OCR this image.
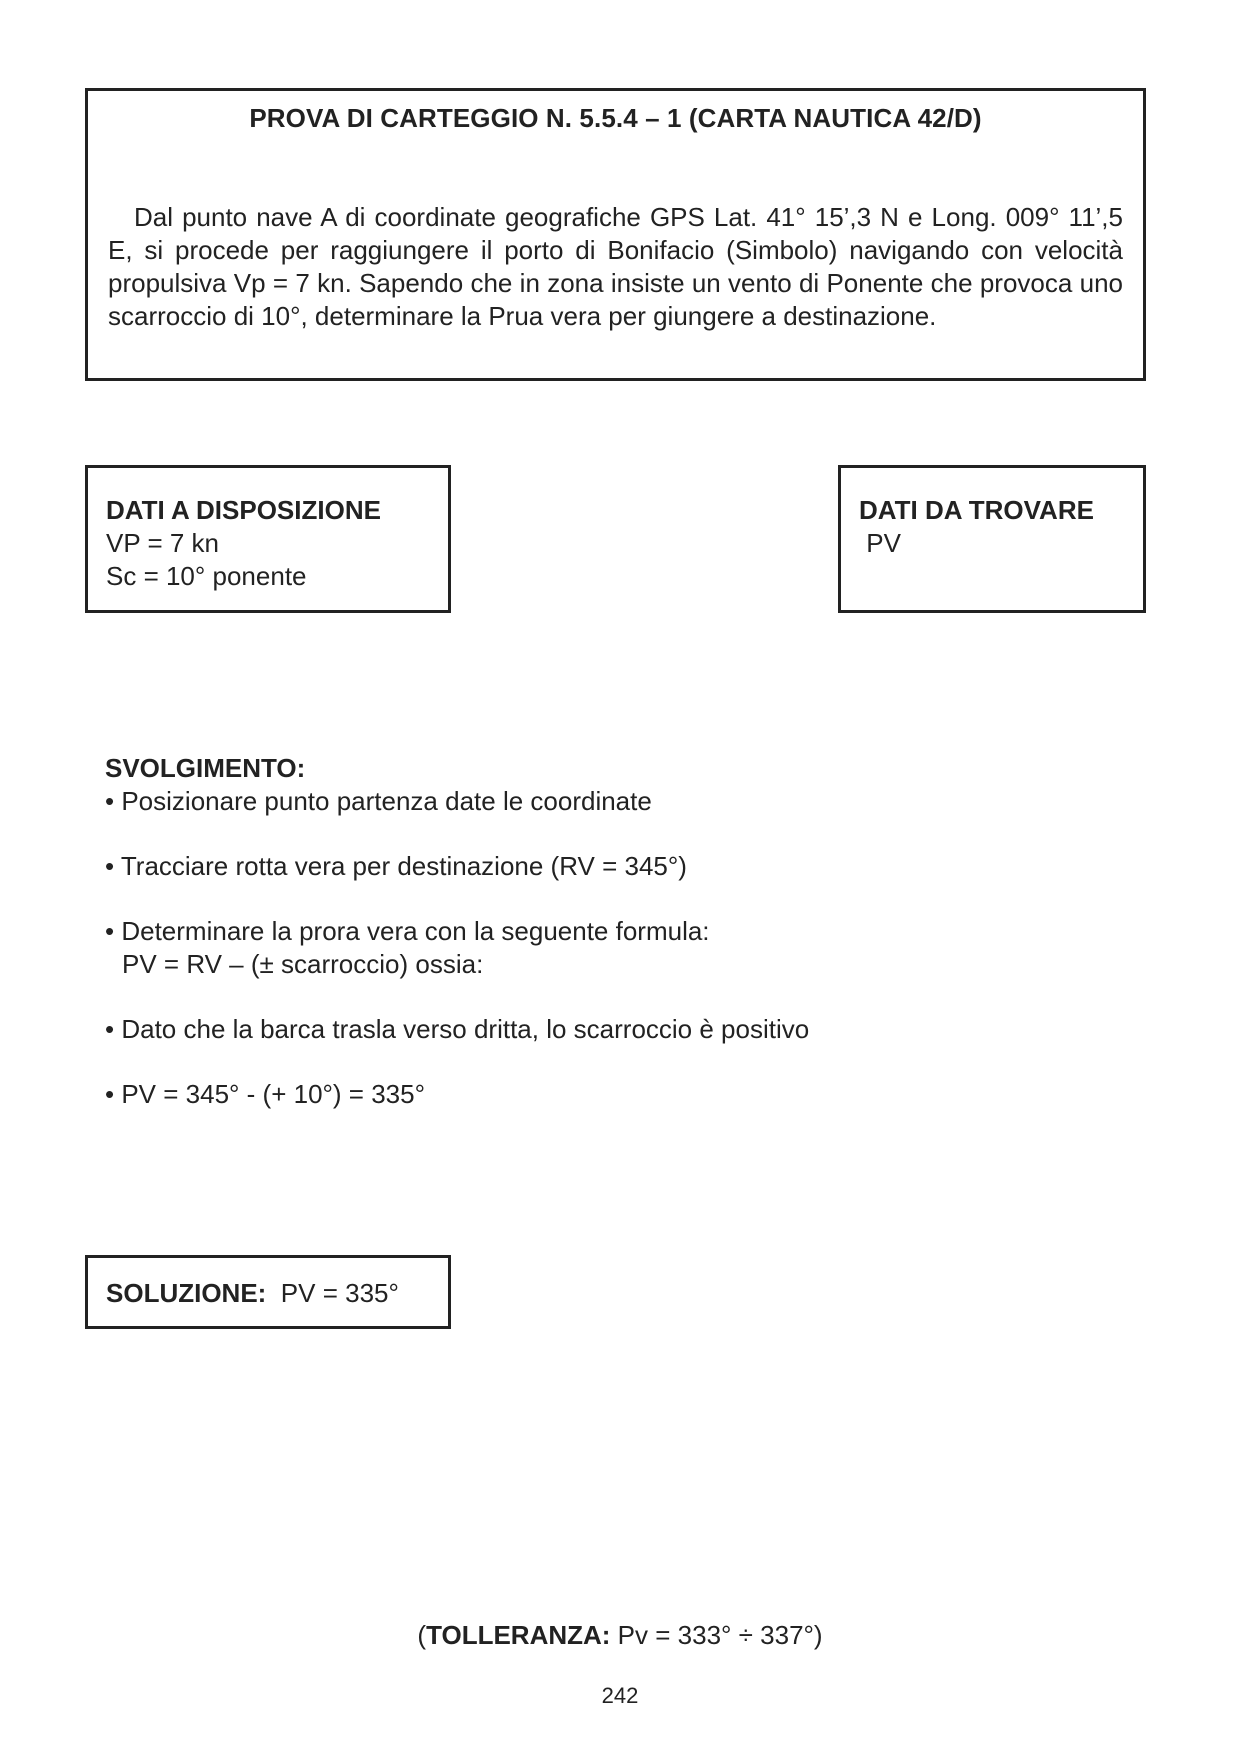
PROVA DI CARTEGGIO N. 5.5.4 – 1 (CARTA NAUTICA 42/D)
Dal punto nave A di coordinate geografiche GPS Lat. 41° 15’,3 N e Long. 009° 11’,5 E, si procede per raggiungere il porto di Bonifacio (Simbolo) navigando con velocità propulsiva Vp = 7 kn. Sapendo che in zona insiste un vento di Ponente che provoca uno scarroccio di 10°, determinare la Prua vera per giungere a destinazione.
DATI A DISPOSIZIONE
VP = 7 kn
Sc = 10° ponente
DATI DA TROVARE
PV
SVOLGIMENTO:
• Posizionare punto partenza date le coordinate
• Tracciare rotta vera per destinazione (RV = 345°)
• Determinare la prora vera con la seguente formula:
PV = RV – (± scarroccio) ossia:
• Dato che la barca trasla verso dritta, lo scarroccio è positivo
• PV = 345° - (+ 10°) = 335°
SOLUZIONE: PV = 335°
(TOLLERANZA: Pv = 333° ÷ 337°)
242
